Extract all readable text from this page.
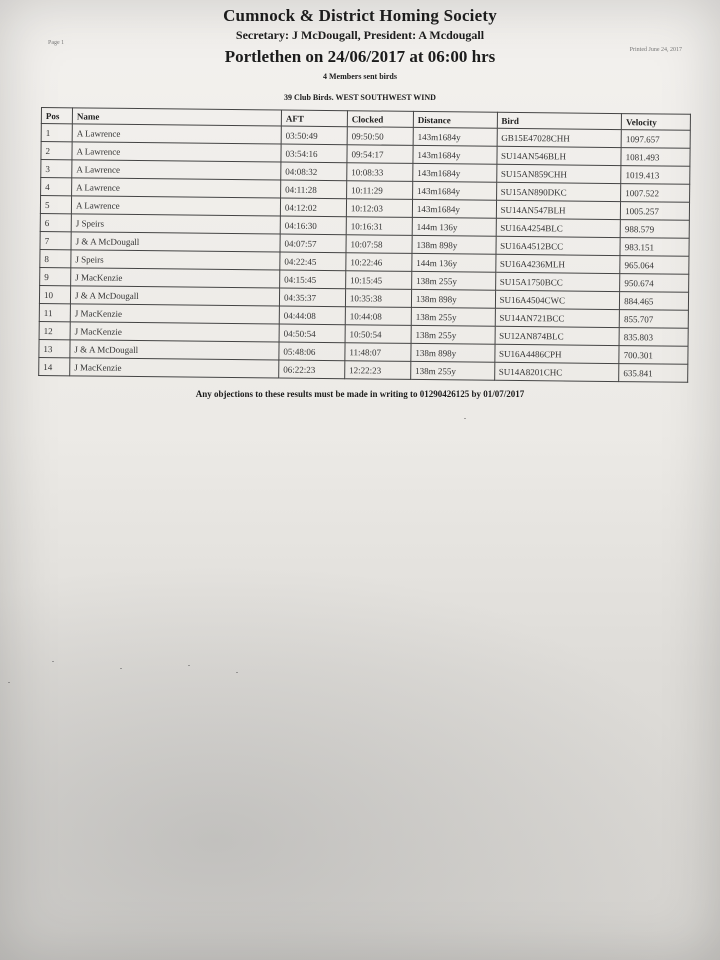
Page 1
Printed June 24, 2017
Cumnock & District Homing Society
Secretary: J McDougall, President: A Mcdougall
Portlethen on 24/06/2017 at 06:00 hrs
4 Members sent birds
39 Club Birds. WEST SOUTHWEST WIND
Pos	Name	AFT	Clocked	Distance	Bird	Velocity
1	A Lawrence	03:50:49	09:50:50	143m1684y	GB15E47028CHH	1097.657
2	A Lawrence	03:54:16	09:54:17	143m1684y	SU14AN546BLH	1081.493
3	A Lawrence	04:08:32	10:08:33	143m1684y	SU15AN859CHH	1019.413
4	A Lawrence	04:11:28	10:11:29	143m1684y	SU15AN890DKC	1007.522
5	A Lawrence	04:12:02	10:12:03	143m1684y	SU14AN547BLH	1005.257
6	J Speirs	04:16:30	10:16:31	144m 136y	SU16A4254BLC	988.579
7	J & A McDougall	04:07:57	10:07:58	138m 898y	SU16A4512BCC	983.151
8	J Speirs	04:22:45	10:22:46	144m 136y	SU16A4236MLH	965.064
9	J MacKenzie	04:15:45	10:15:45	138m 255y	SU15A1750BCC	950.674
10	J & A McDougall	04:35:37	10:35:38	138m 898y	SU16A4504CWC	884.465
11	J MacKenzie	04:44:08	10:44:08	138m 255y	SU14AN721BCC	855.707
12	J MacKenzie	04:50:54	10:50:54	138m 255y	SU12AN874BLC	835.803
13	J & A McDougall	05:48:06	11:48:07	138m 898y	SU16A4486CPH	700.301
14	J MacKenzie	06:22:23	12:22:23	138m 255y	SU14A8201CHC	635.841
Any objections to these results must be made in writing to 01290426125 by 01/07/2017
